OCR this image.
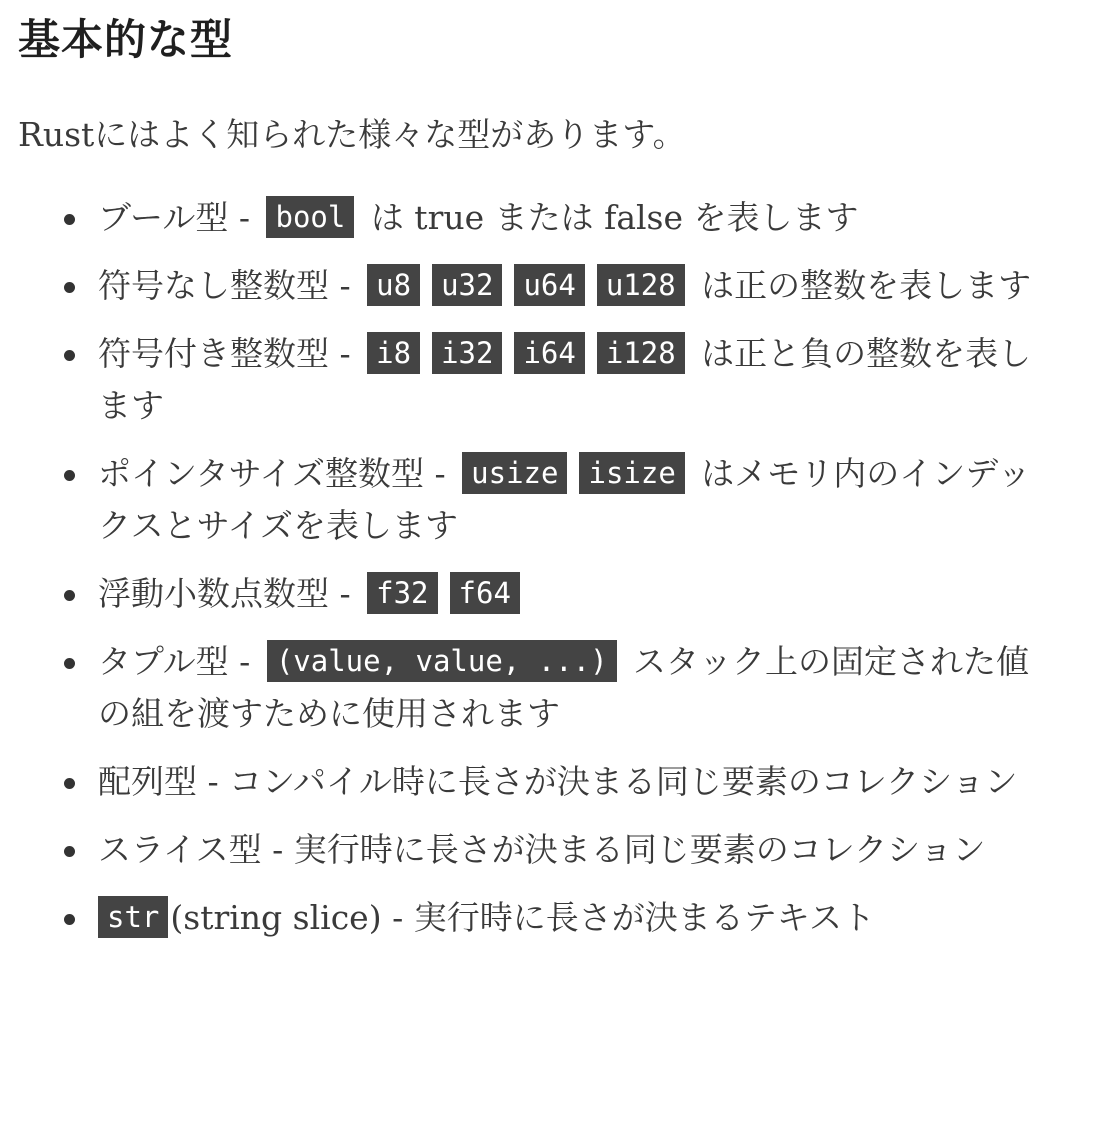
基本的な型

Rustにはよく知られた様々な型があります。

ブール型 - bool は true または false を表します
符号なし整数型 - u8 u32 u64 u128 は正の整数を表します
符号付き整数型 - i8 i32 i64 i128 は正と負の整数を表します
ポインタサイズ整数型 - usize isize はメモリ内のインデックスとサイズを表します
浮動小数点数型 - f32 f64
タプル型 - (value, value, ...) スタック上の固定された値の組を渡すために使用されます
配列型 - コンパイル時に長さが決まる同じ要素のコレクション
スライス型 - 実行時に長さが決まる同じ要素のコレクション
str (string slice) - 実行時に長さが決まるテキスト
